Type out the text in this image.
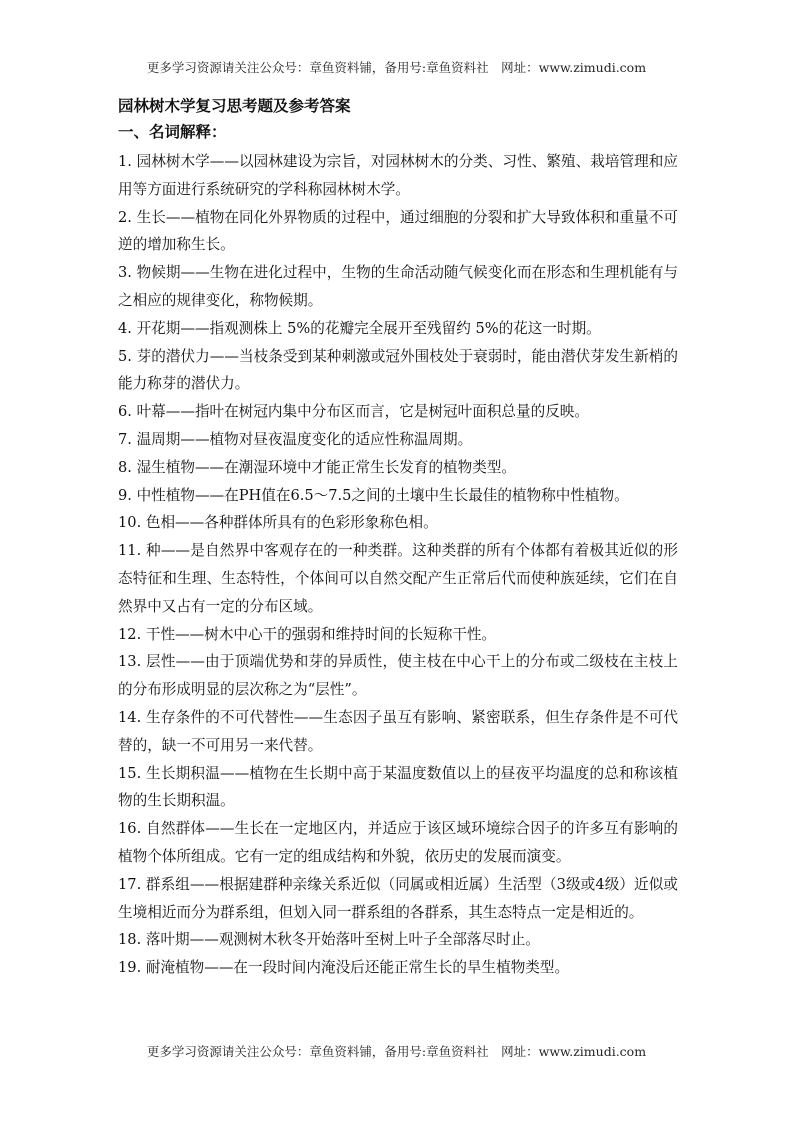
更多学习资源请关注公众号：章鱼资料铺，备用号:章鱼资料社　网址：www.zimudi.com
园林树木学复习思考题及参考答案
一、名词解释：

1. 园林树木学——以园林建设为宗旨，对园林树木的分类、习性、繁殖、栽培管理和应用等方面进行系统研究的学科称园林树木学。

2. 生长——植物在同化外界物质的过程中，通过细胞的分裂和扩大导致体积和重量不可逆的增加称生长。

3. 物候期——生物在进化过程中，生物的生命活动随气候变化而在形态和生理机能有与之相应的规律变化，称物候期。

4. 开花期——指观测株上 5%的花瓣完全展开至残留约 5%的花这一时期。

5. 芽的潜伏力——当枝条受到某种刺激或冠外围枝处于衰弱时，能由潜伏芽发生新梢的能力称芽的潜伏力。

6. 叶幕——指叶在树冠内集中分布区而言，它是树冠叶面积总量的反映。

7. 温周期——植物对昼夜温度变化的适应性称温周期。

8. 湿生植物——在潮湿环境中才能正常生长发育的植物类型。

9. 中性植物——在PH值在6.5～7.5之间的土壤中生长最佳的植物称中性植物。

10. 色相——各种群体所具有的色彩形象称色相。

11. 种——是自然界中客观存在的一种类群。这种类群的所有个体都有着极其近似的形态特征和生理、生态特性，个体间可以自然交配产生正常后代而使种族延续，它们在自然界中又占有一定的分布区域。

12. 干性——树木中心干的强弱和维持时间的长短称干性。

13. 层性——由于顶端优势和芽的异质性，使主枝在中心干上的分布或二级枝在主枝上的分布形成明显的层次称之为“层性”。

14. 生存条件的不可代替性——生态因子虽互有影响、紧密联系，但生存条件是不可代替的，缺一不可用另一来代替。

15. 生长期积温——植物在生长期中高于某温度数值以上的昼夜平均温度的总和称该植物的生长期积温。

16. 自然群体——生长在一定地区内，并适应于该区域环境综合因子的许多互有影响的植物个体所组成。它有一定的组成结构和外貌，依历史的发展而演变。

17. 群系组——根据建群种亲缘关系近似（同属或相近属）生活型（3级或4级）近似或生境相近而分为群系组，但划入同一群系组的各群系，其生态特点一定是相近的。

18. 落叶期——观测树木秋冬开始落叶至树上叶子全部落尽时止。

19. 耐淹植物——在一段时间内淹没后还能正常生长的旱生植物类型。

更多学习资源请关注公众号：章鱼资料铺，备用号:章鱼资料社　网址：www.zimudi.com
